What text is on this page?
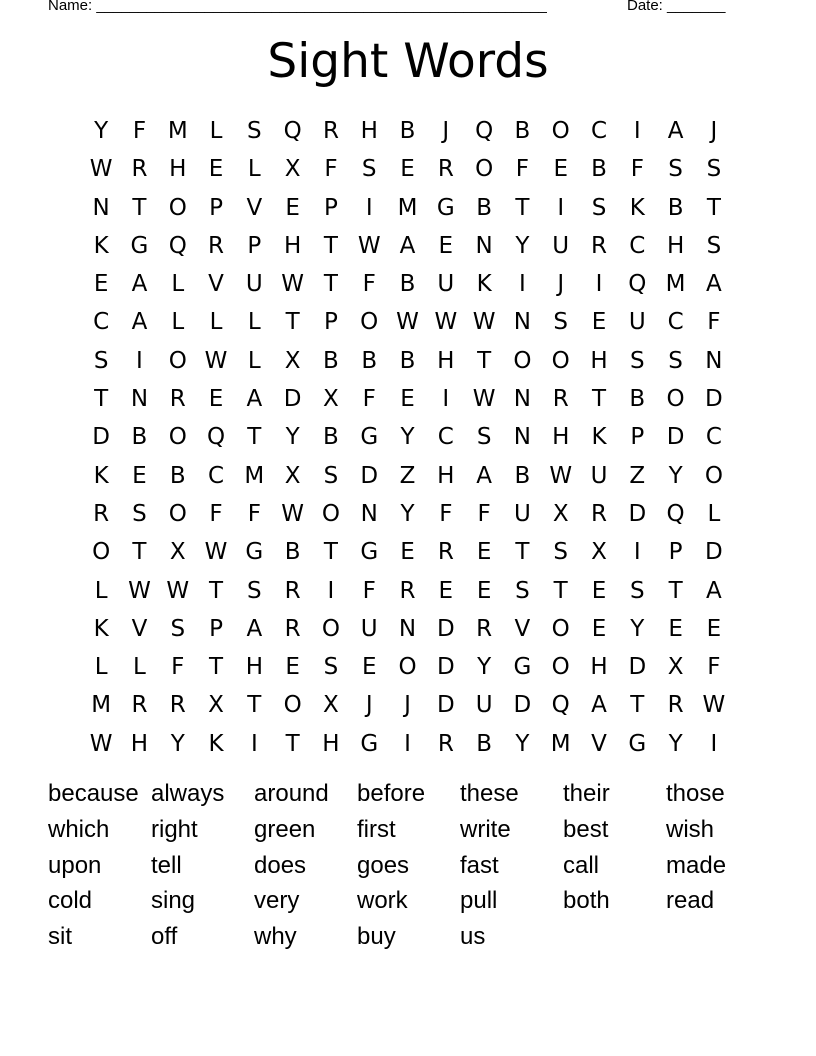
Name: ______________________________________________________	Date: _______
Sight Words
Y	F M L	S Q R H B	J	Q B O C	I	A	J
W R H E	L	X	F	S	E	R O F	E	B	F	S	S
N T O P	V	E	P	I	M G B	T	I	S	K B	T
K G Q R	P H T W A	E N Y U R C H S
E	A	L	V U W T	F	B U K	I	J	I	Q M A
C A	L	L	L	T	P O W W W N S	E U C	F
S	I	O W L	X B B B H T O O H S	S N
T N R	E	A D X	F	E	I	W N R	T	B O D
D B O Q T	Y	B G Y	C S N H K	P D C
K	E	B C M X	S D Z H A B W U Z	Y O
R	S O F	F W O N Y	F	F	U X R D Q L
O T	X W G B	T G E	R	E	T	S	X	I	P D
L W W T	S	R	I	F	R	E	E	S	T	E	S	T	A
K V	S	P	A R O U N D R V O E	Y	E	E
L	L	F	T H E	S	E O D Y G O H D X	F
M R R X	T O X	J	J	D U D Q A	T	R W
W H Y	K	I	T H G	I	R B	Y M V G Y	I
because always	around	before	these	their	those
which	right	green	first	write	best	wish
upon	tell	does	goes	fast	call	made
cold	sing	very	work	pull	both	read
sit	off	why	buy	us
